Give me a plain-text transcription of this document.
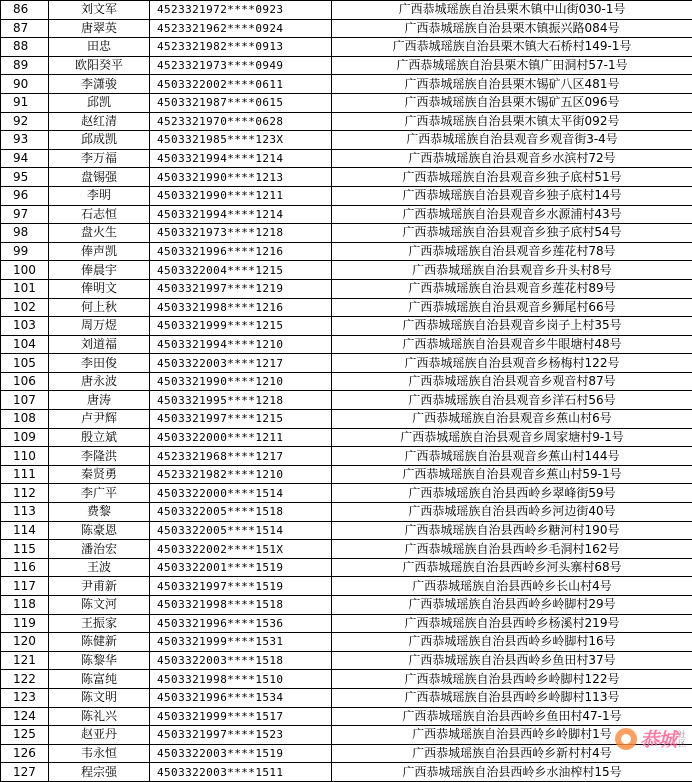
86	刘文军	4523321972****0923	广西恭城瑶族自治县栗木镇中山街030-1号
87	唐翠英	4523321962****0924	广西恭城瑶族自治县栗木镇振兴路084号
88	田忠	4523321982****0913	广西恭城瑶族自治县栗木镇大石桥村149-1号
89	欧阳癸平	4523321973****0949	广西恭城瑶族自治县栗木镇广田洞村57-1号
90	李潇骏	4503322002****0611	广西恭城瑶族自治县栗木锡矿八区481号
91	邱凯	4503321987****0615	广西恭城瑶族自治县栗木锡矿五区096号
92	赵红清	4523321970****0628	广西恭城瑶族自治县栗木镇太平街092号
93	邱成凯	4503321985****123X	广西恭城瑶族自治县观音乡观音街3-4号
94	李万福	4503321994****1214	广西恭城瑶族自治县观音乡水滨村72号
95	盘锡强	4503321990****1213	广西恭城瑶族自治县观音乡独子底村51号
96	李明	4503321990****1211	广西恭城瑶族自治县观音乡独子底村14号
97	石志恒	4503321994****1214	广西恭城瑶族自治县观音乡水源浦村43号
98	盘火生	4503321973****1218	广西恭城瑶族自治县观音乡独子底村54号
99	俸声凯	4503321996****1216	广西恭城瑶族自治县观音乡莲花村78号
100	俸晨宇	4503322004****1215	广西恭城瑶族自治县观音乡升头村8号
101	俸明文	4503321997****1219	广西恭城瑶族自治县观音乡莲花村89号
102	何上秋	4503321998****1216	广西恭城瑶族自治县观音乡狮尾村66号
103	周万煜	4503321999****1215	广西恭城瑶族自治县观音乡岗子上村35号
104	刘道福	4503321994****1210	广西恭城瑶族自治县观音乡牛眼塘村48号
105	李田俊	4503322003****1217	广西恭城瑶族自治县观音乡杨梅村122号
106	唐永波	4503321990****1210	广西恭城瑶族自治县观音乡观音村87号
107	唐涛	4503321995****1218	广西恭城瑶族自治县观音乡洋石村56号
108	卢尹辉	4503321997****1215	广西恭城瑶族自治县观音乡蕉山村6号
109	殷立斌	4503322000****1211	广西恭城瑶族自治县观音乡周家塘村9-1号
110	李隆洪	4523321968****1217	广西恭城瑶族自治县观音乡蕉山村144号
111	秦贤勇	4523321982****1210	广西恭城瑶族自治县观音乡蕉山村59-1号
112	李广平	4503322000****1514	广西恭城瑶族自治县西岭乡翠峰街59号
113	费黎	4503322005****1518	广西恭城瑶族自治县西岭乡河边街40号
114	陈豪恩	4503322005****1514	广西恭城瑶族自治县西岭乡糖河村190号
115	潘治宏	4503322002****151X	广西恭城瑶族自治县西岭乡毛洞村162号
116	王波	4503322001****1519	广西恭城瑶族自治县西岭乡河头寨村68号
117	尹甫新	4503321997****1519	广西恭城瑶族自治县西岭乡长山村4号
118	陈文河	4503321998****1518	广西恭城瑶族自治县西岭乡岭脚村29号
119	王振家	4503321996****1536	广西恭城瑶族自治县西岭乡杨溪村219号
120	陈健新	4503321999****1531	广西恭城瑶族自治县西岭乡岭脚村16号
121	陈黎华	4503322003****1518	广西恭城瑶族自治县西岭乡鱼田村37号
122	陈富纯	4503321998****1510	广西恭城瑶族自治县西岭乡岭脚村122号
123	陈文明	4503321996****1534	广西恭城瑶族自治县西岭乡岭脚村113号
124	陈礼兴	4503321999****1517	广西恭城瑶族自治县西岭乡鱼田村47-1号
125	赵亚丹	4503321997****1523	广西恭城瑶族自治县西岭乡岭脚村1号
126	韦永恒	4503322003****1519	广西恭城瑶族自治县西岭乡新村村4号
127	程宗强	4503322003****1511	广西恭城瑶族自治县西岭乡水油榨村15号
恭城 社
区
